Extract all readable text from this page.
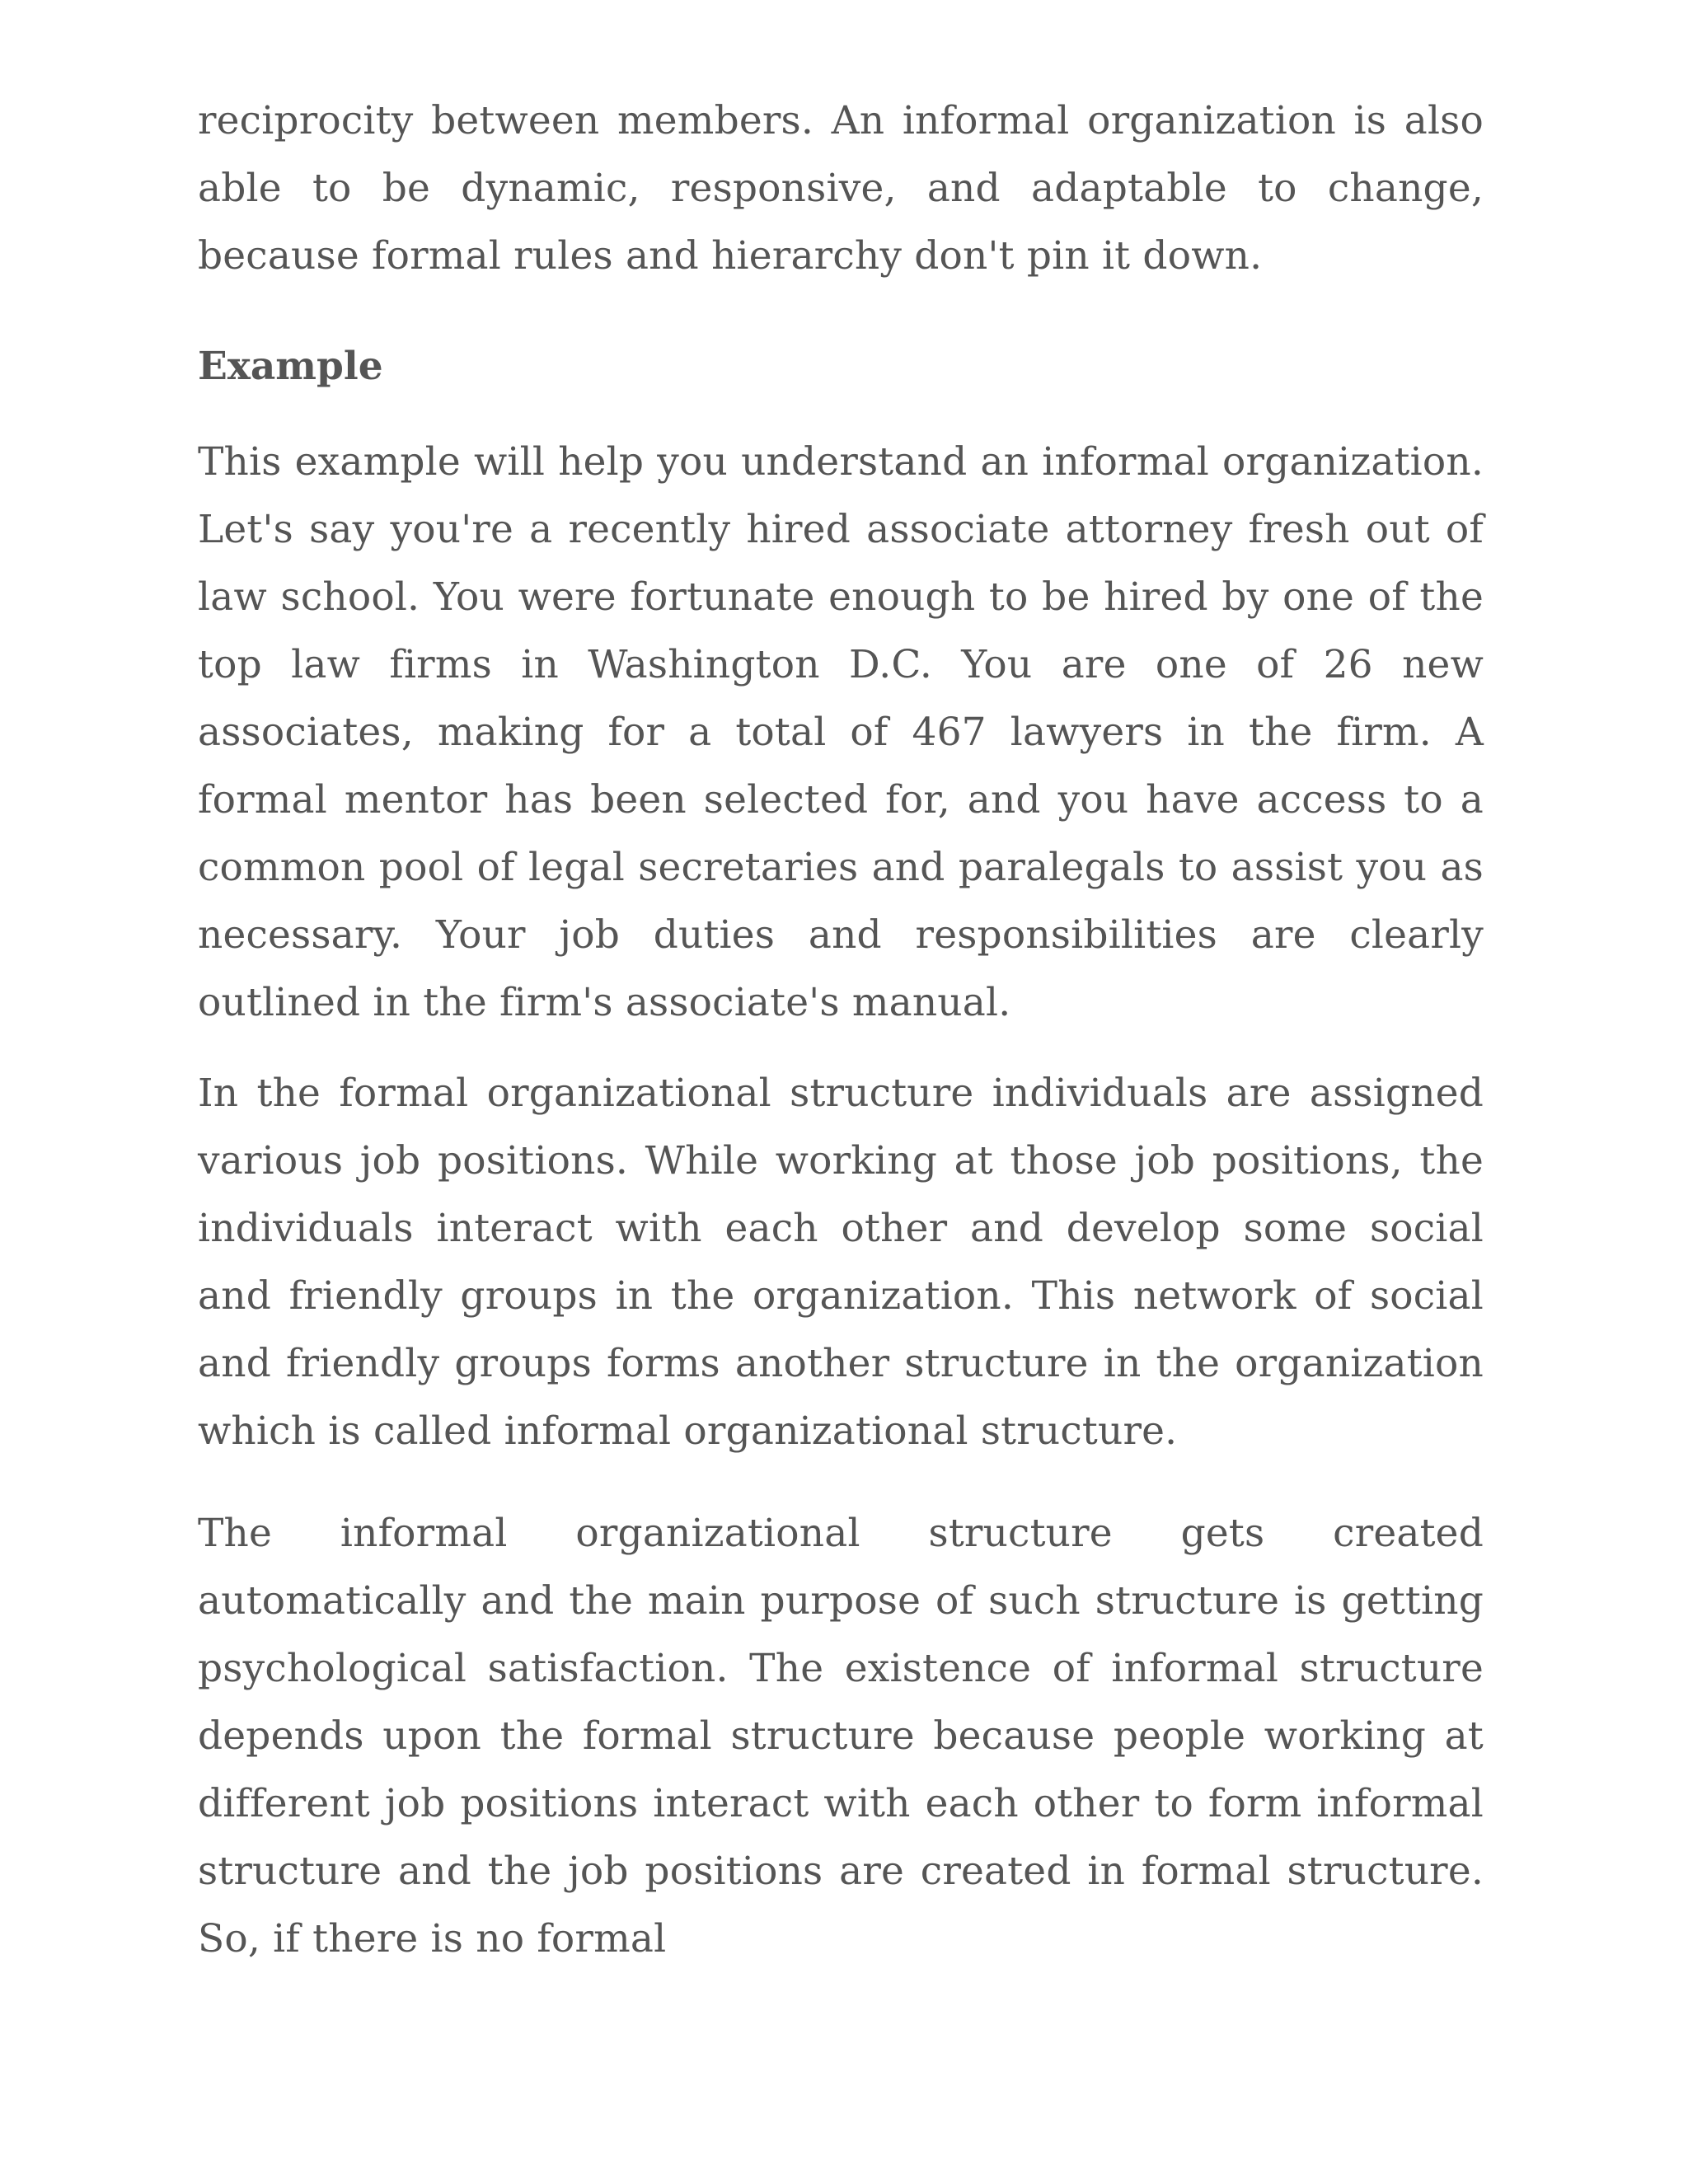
reciprocity between members. An informal organization is also able to be dynamic, responsive, and adaptable to change, because formal rules and hierarchy don't pin it down.

Example

This example will help you understand an informal organization. Let's say you're a recently hired associate attorney fresh out of law school. You were fortunate enough to be hired by one of the top law firms in Washington D.C. You are one of 26 new associates, making for a total of 467 lawyers in the firm. A formal mentor has been selected for, and you have access to a common pool of legal secretaries and paralegals to assist you as necessary. Your job duties and responsibilities are clearly outlined in the firm's associate's manual.

In the formal organizational structure individuals are assigned various job positions. While working at those job positions, the individuals interact with each other and develop some social and friendly groups in the organization. This network of social and friendly groups forms another structure in the organization which is called informal organizational structure.

The informal organizational structure gets created automatically and the main purpose of such structure is getting psychological satisfaction. The existence of informal structure depends upon the formal structure because people working at different job positions interact with each other to form informal structure and the job positions are created in formal structure. So, if there is no formal
